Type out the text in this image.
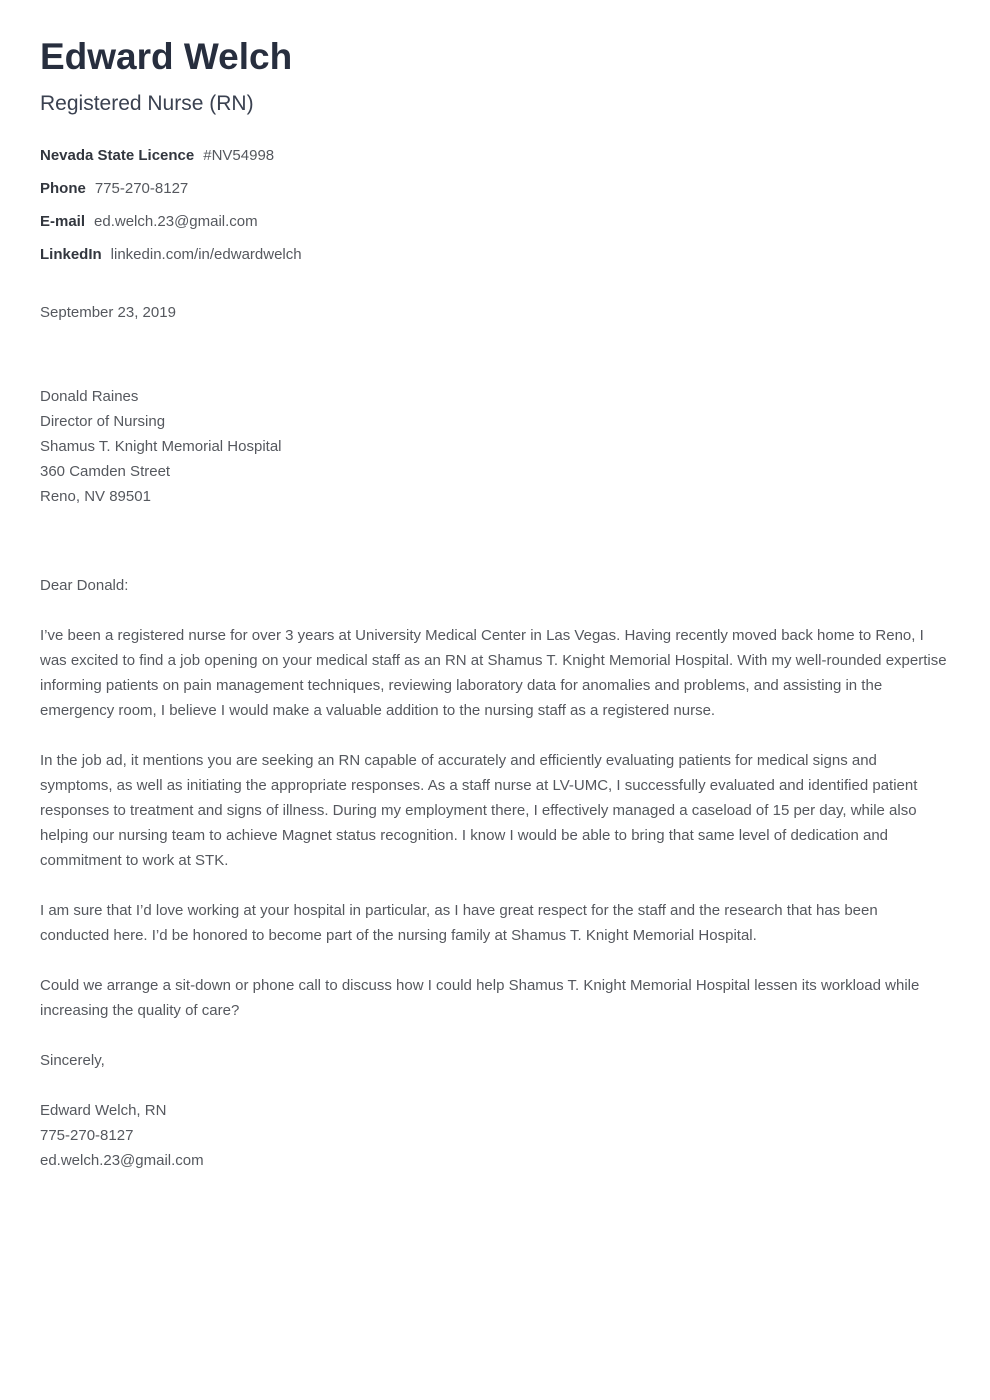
Edward Welch
Registered Nurse (RN)
Nevada State Licence #NV54998
Phone 775-270-8127
E-mail ed.welch.23@gmail.com
LinkedIn linkedin.com/in/edwardwelch
September 23, 2019
Donald Raines
Director of Nursing
Shamus T. Knight Memorial Hospital
360 Camden Street
Reno, NV 89501
Dear Donald:

I’ve been a registered nurse for over 3 years at University Medical Center in Las Vegas. Having recently moved back home to Reno, I was excited to find a job opening on your medical staff as an RN at Shamus T. Knight Memorial Hospital. With my well-rounded expertise informing patients on pain management techniques, reviewing laboratory data for anomalies and problems, and assisting in the emergency room, I believe I would make a valuable addition to the nursing staff as a registered nurse.

In the job ad, it mentions you are seeking an RN capable of accurately and efficiently evaluating patients for medical signs and symptoms, as well as initiating the appropriate responses. As a staff nurse at LV-UMC, I successfully evaluated and identified patient responses to treatment and signs of illness. During my employment there, I effectively managed a caseload of 15 per day, while also helping our nursing team to achieve Magnet status recognition. I know I would be able to bring that same level of dedication and commitment to work at STK.

I am sure that I’d love working at your hospital in particular, as I have great respect for the staff and the research that has been conducted here. I’d be honored to become part of the nursing family at Shamus T. Knight Memorial Hospital.

Could we arrange a sit-down or phone call to discuss how I could help Shamus T. Knight Memorial Hospital lessen its workload while increasing the quality of care?

Sincerely,
Edward Welch, RN
775-270-8127
ed.welch.23@gmail.com
